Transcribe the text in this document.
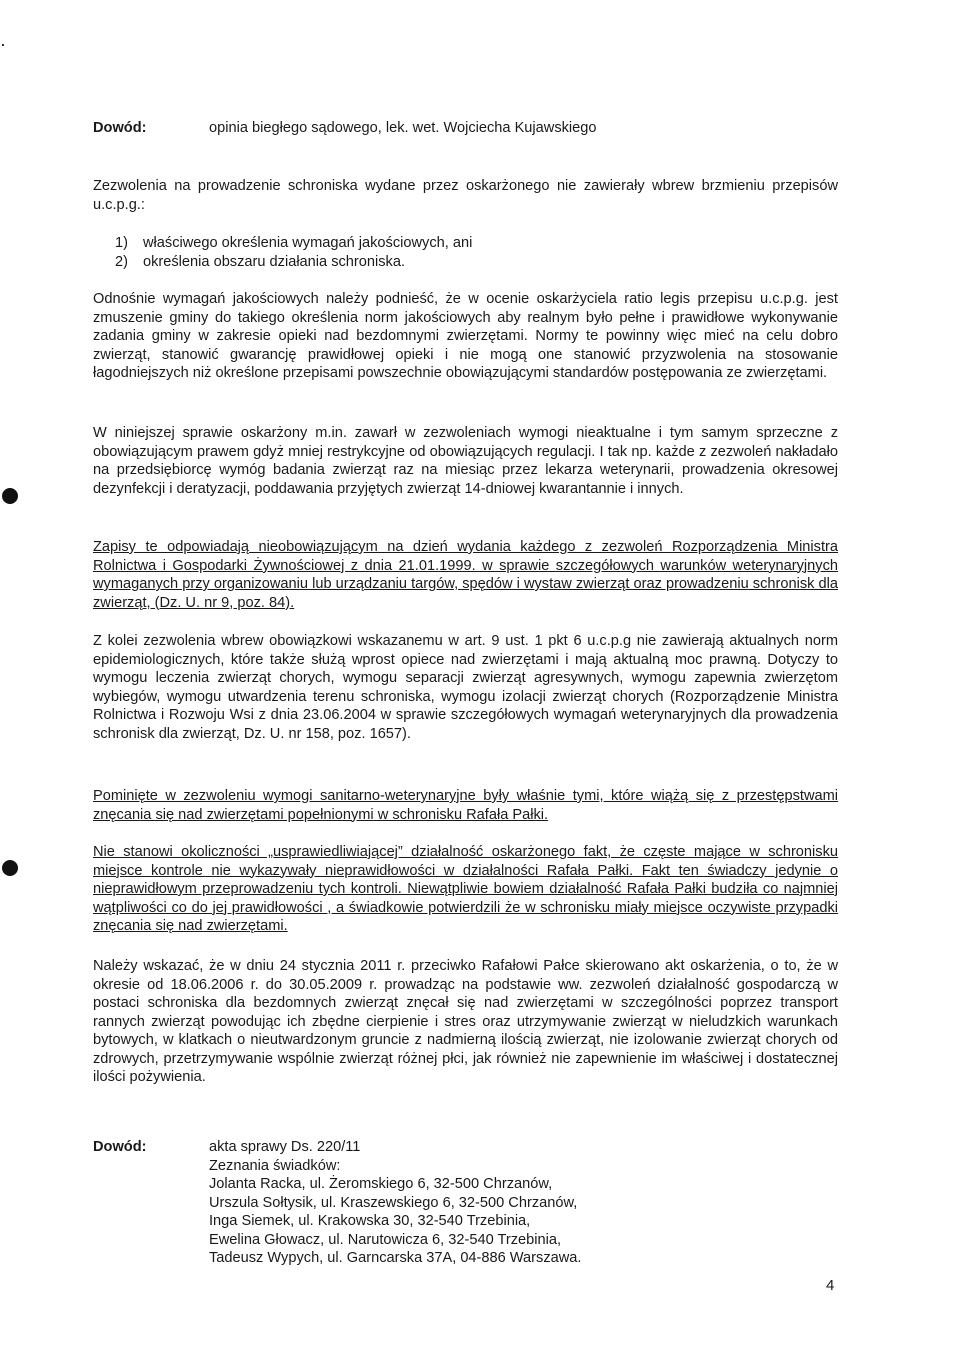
Dowód:	opinia biegłego sądowego, lek. wet. Wojciecha Kujawskiego

Zezwolenia na prowadzenie schroniska wydane przez oskarżonego nie zawierały wbrew brzmieniu przepisów u.c.p.g.:

1)	właściwego określenia wymagań jakościowych, ani
2)	określenia obszaru działania schroniska.

Odnośnie wymagań jakościowych należy podnieść, że w ocenie oskarżyciela ratio legis przepisu u.c.p.g. jest zmuszenie gminy do takiego określenia norm jakościowych aby realnym było pełne i prawidłowe wykonywanie zadania gminy w zakresie opieki nad bezdomnymi zwierzętami. Normy te powinny więc mieć na celu dobro zwierząt, stanowić gwarancję prawidłowej opieki i nie mogą one stanowić przyzwolenia na stosowanie łagodniejszych niż określone przepisami powszechnie obowiązującymi standardów postępowania ze zwierzętami.

W niniejszej sprawie oskarżony m.in. zawarł w zezwoleniach wymogi nieaktualne i tym samym sprzeczne z obowiązującym prawem gdyż mniej restrykcyjne od obowiązujących regulacji. I tak np. każde z zezwoleń nakładało na przedsiębiorcę wymóg badania zwierząt raz na miesiąc przez lekarza weterynarii, prowadzenia okresowej dezynfekcji i deratyzacji, poddawania przyjętych zwierząt 14-dniowej kwarantannie i innych.

Zapisy te odpowiadają nieobowiązującym na dzień wydania każdego z zezwoleń Rozporządzenia Ministra Rolnictwa i Gospodarki Żywnościowej z dnia 21.01.1999. w sprawie szczegółowych warunków weterynaryjnych wymaganych przy organizowaniu lub urządzaniu targów, spędów i wystaw zwierząt oraz prowadzeniu schronisk dla zwierząt, (Dz. U. nr 9, poz. 84).

Z kolei zezwolenia wbrew obowiązkowi wskazanemu w art. 9 ust. 1 pkt 6 u.c.p.g nie zawierają aktualnych norm epidemiologicznych, które także służą wprost opiece nad zwierzętami i mają aktualną moc prawną. Dotyczy to wymogu leczenia zwierząt chorych, wymogu separacji zwierząt agresywnych, wymogu zapewnia zwierzętom wybiegów, wymogu utwardzenia terenu schroniska, wymogu izolacji zwierząt chorych (Rozporządzenie Ministra Rolnictwa i Rozwoju Wsi z dnia 23.06.2004 w sprawie szczegółowych wymagań weterynaryjnych dla prowadzenia schronisk dla zwierząt, Dz. U. nr 158, poz. 1657).

Pominięte w zezwoleniu wymogi sanitarno-weterynaryjne były właśnie tymi, które wiążą się z przestępstwami znęcania się nad zwierzętami popełnionymi w schronisku Rafała Pałki.

Nie stanowi okoliczności „usprawiedliwiającej” działalność oskarżonego fakt, że częste mające w schronisku miejsce kontrole nie wykazywały nieprawidłowości w działalności Rafała Pałki. Fakt ten świadczy jedynie o nieprawidłowym przeprowadzeniu tych kontroli. Niewątpliwie bowiem działalność Rafała Pałki budziła co najmniej wątpliwości co do jej prawidłowości , a świadkowie potwierdzili że w schronisku miały miejsce oczywiste przypadki znęcania się nad zwierzętami.

Należy wskazać, że w dniu 24 stycznia 2011 r. przeciwko Rafałowi Pałce skierowano akt oskarżenia, o to, że w okresie od 18.06.2006 r. do 30.05.2009 r. prowadząc na podstawie ww. zezwoleń działalność gospodarczą w postaci schroniska dla bezdomnych zwierząt znęcał się nad zwierzętami w szczególności poprzez transport rannych zwierząt powodując ich zbędne cierpienie i stres oraz utrzymywanie zwierząt w nieludzkich warunkach bytowych, w klatkach o nieutwardzonym gruncie z nadmierną ilością zwierząt, nie izolowanie zwierząt chorych od zdrowych, przetrzymywanie wspólnie zwierząt różnej płci, jak również nie zapewnienie im właściwej i dostatecznej ilości pożywienia.

Dowód:	akta sprawy Ds. 220/11
Zeznania świadków:
Jolanta Racka, ul. Żeromskiego 6, 32-500 Chrzanów,
Urszula Sołtysik, ul. Kraszewskiego 6, 32-500 Chrzanów,
Inga Siemek, ul. Krakowska 30, 32-540 Trzebinia,
Ewelina Głowacz, ul. Narutowicza 6, 32-540 Trzebinia,
Tadeusz Wypych, ul. Garncarska 37A, 04-886 Warszawa.
4
